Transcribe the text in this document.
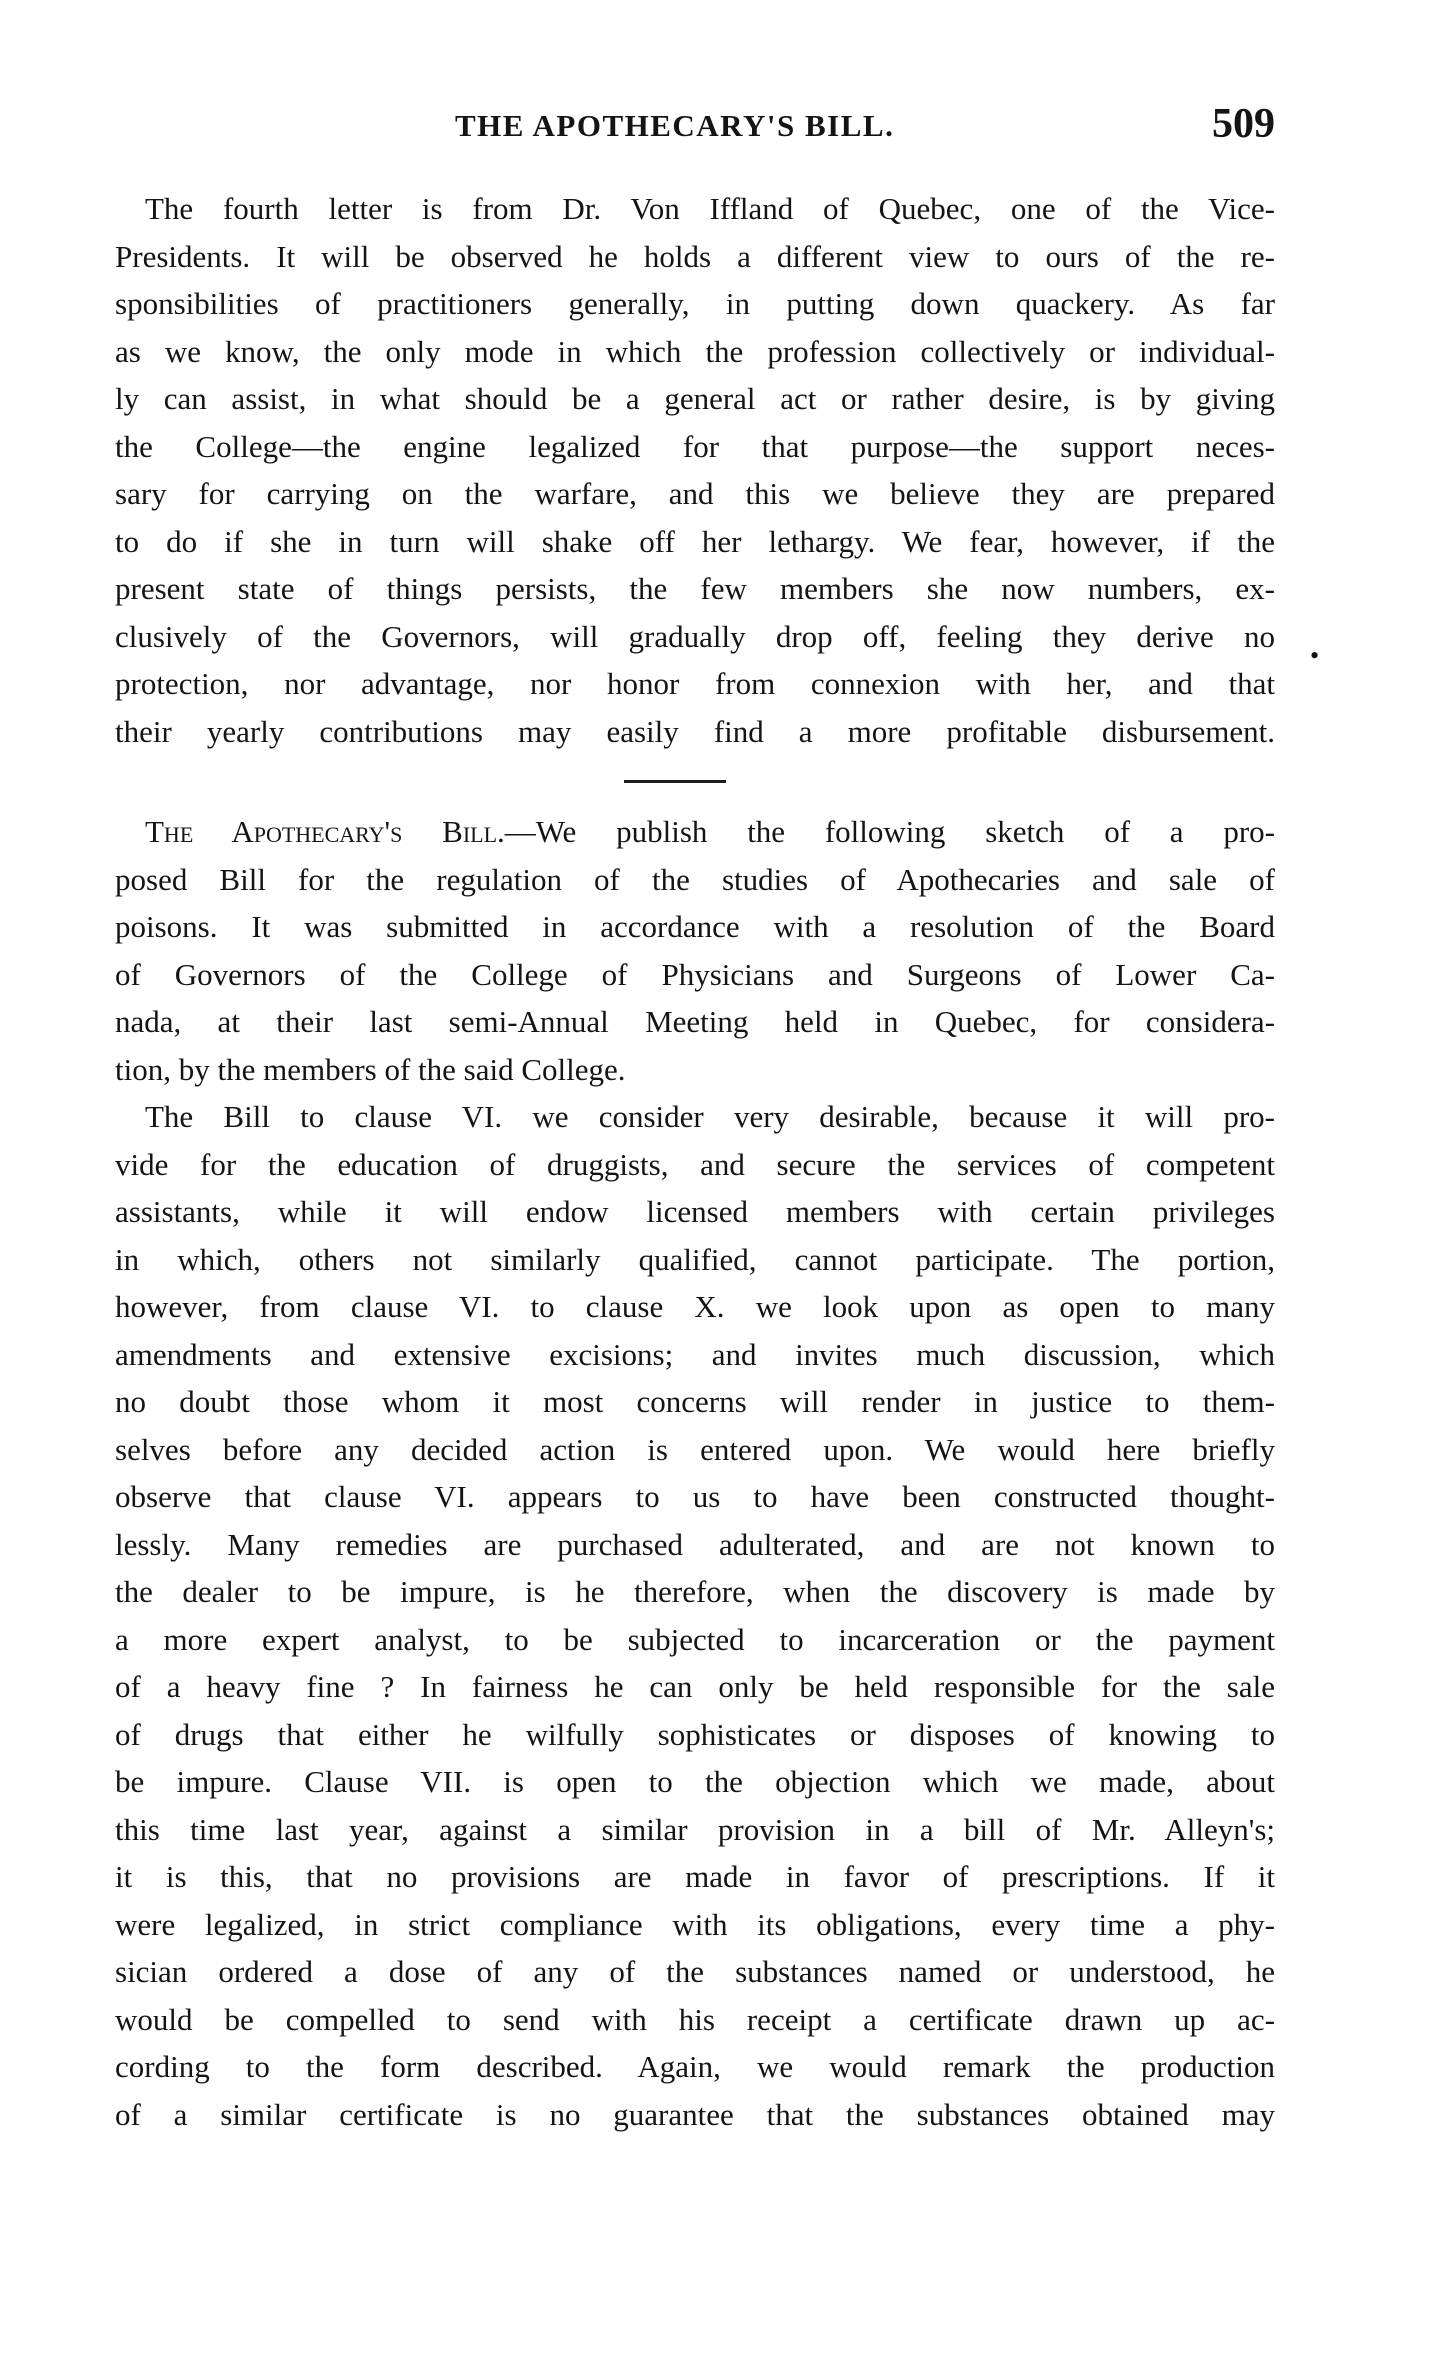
THE APOTHECARY'S BILL.	509
The fourth letter is from Dr. Von Iffland of Quebec, one of the Vice-
Presidents. It will be observed he holds a different view to ours of the re-
sponsibilities of practitioners generally, in putting down quackery. As far
as we know, the only mode in which the profession collectively or individual-
ly can assist, in what should be a general act or rather desire, is by giving
the College—the engine legalized for that purpose—the support neces-
sary for carrying on the warfare, and this we believe they are prepared
to do if she in turn will shake off her lethargy. We fear, however, if the
present state of things persists, the few members she now numbers, ex-
clusively of the Governors, will gradually drop off, feeling they derive no
protection, nor advantage, nor honor from connexion with her, and that
their yearly contributions may easily find a more profitable disbursement.
The Apothecary's Bill.—We publish the following sketch of a pro-
posed Bill for the regulation of the studies of Apothecaries and sale of
poisons. It was submitted in accordance with a resolution of the Board
of Governors of the College of Physicians and Surgeons of Lower Ca-
nada, at their last semi-Annual Meeting held in Quebec, for considera-
tion, by the members of the said College.
The Bill to clause VI. we consider very desirable, because it will pro-
vide for the education of druggists, and secure the services of competent
assistants, while it will endow licensed members with certain privileges
in which, others not similarly qualified, cannot participate. The portion,
however, from clause VI. to clause X. we look upon as open to many
amendments and extensive excisions; and invites much discussion, which
no doubt those whom it most concerns will render in justice to them-
selves before any decided action is entered upon. We would here briefly
observe that clause VI. appears to us to have been constructed thought-
lessly. Many remedies are purchased adulterated, and are not known to
the dealer to be impure, is he therefore, when the discovery is made by
a more expert analyst, to be subjected to incarceration or the payment
of a heavy fine ? In fairness he can only be held responsible for the sale
of drugs that either he wilfully sophisticates or disposes of knowing to
be impure. Clause VII. is open to the objection which we made, about
this time last year, against a similar provision in a bill of Mr. Alleyn's;
it is this, that no provisions are made in favor of prescriptions. If it
were legalized, in strict compliance with its obligations, every time a phy-
sician ordered a dose of any of the substances named or understood, he
would be compelled to send with his receipt a certificate drawn up ac-
cording to the form described. Again, we would remark the production
of a similar certificate is no guarantee that the substances obtained may
•
